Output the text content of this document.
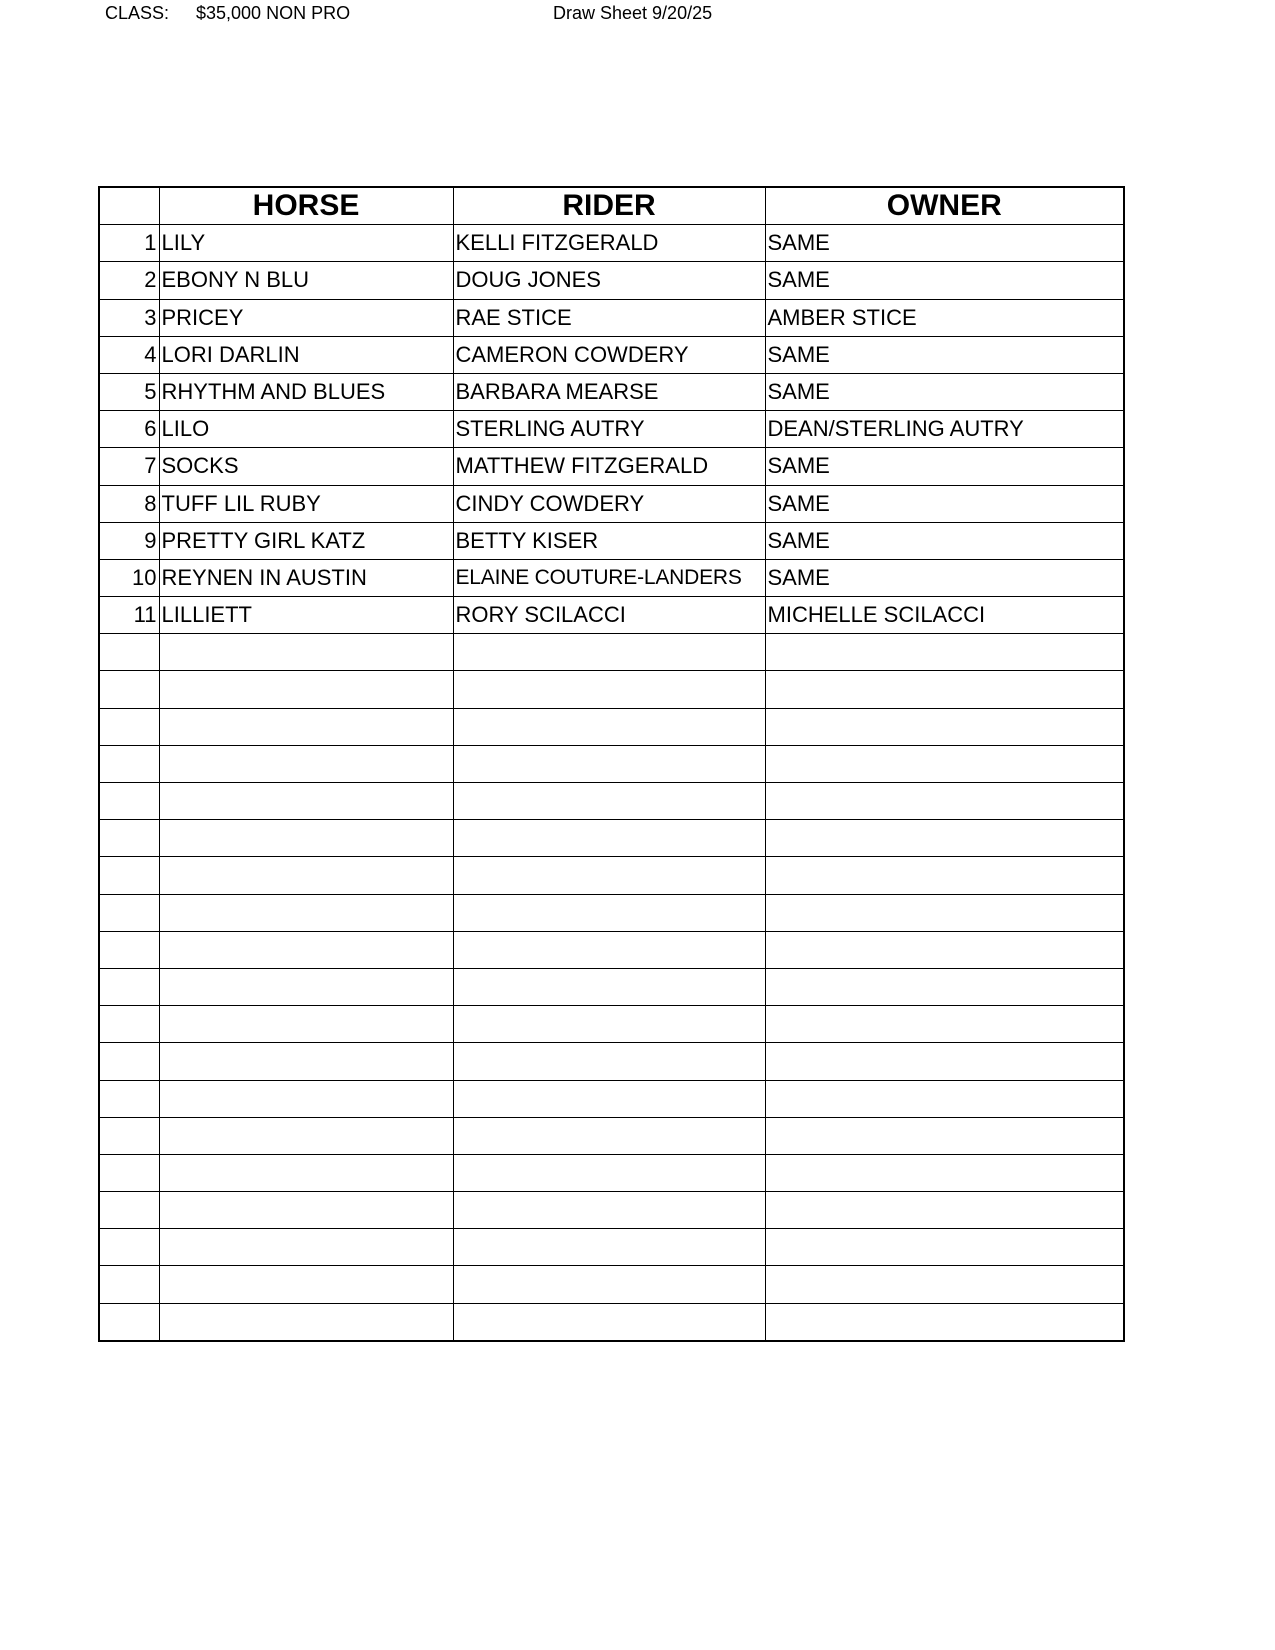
CLASS: $35,000 NON PRO	Draw Sheet 9/20/25
	HORSE	RIDER	OWNER
1	LILY	KELLI FITZGERALD	SAME
2	EBONY N BLU	DOUG JONES	SAME
3	PRICEY	RAE STICE	AMBER STICE
4	LORI DARLIN	CAMERON COWDERY	SAME
5	RHYTHM AND BLUES	BARBARA MEARSE	SAME
6	LILO	STERLING AUTRY	DEAN/STERLING AUTRY
7	SOCKS	MATTHEW FITZGERALD	SAME
8	TUFF LIL RUBY	CINDY COWDERY	SAME
9	PRETTY GIRL KATZ	BETTY KISER	SAME
10	REYNEN IN AUSTIN	ELAINE COUTURE-LANDERS	SAME
11	LILLIETT	RORY SCILACCI	MICHELLE SCILACCI
